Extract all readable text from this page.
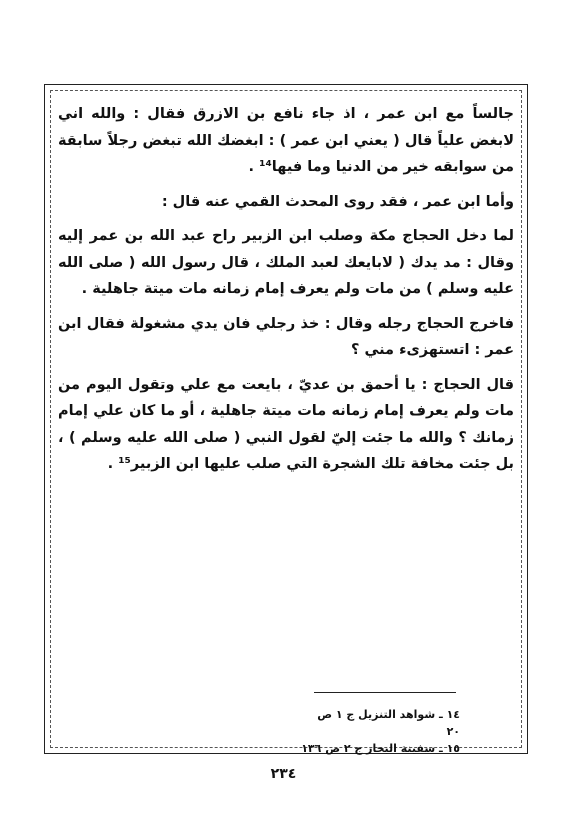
جالساً مع ابن عمر ، اذ جاء نافع بن الازرق فقال : والله اني لابغض علياً قال ( يعني ابن عمر ) : ابغضك الله تبغض رجلاً سابقة من سوابقه خير من الدنيا وما فيها¹⁴ .

وأما ابن عمر ، فقد روى المحدث القمي عنه قال :

لما دخل الحجاج مكة وصلب ابن الزبير راح عبد الله بن عمر إليه وقال : مد يدك ( لابايعك لعبد الملك ، قال رسول الله ( صلى الله عليه وسلم ) من مات ولم يعرف إمام زمانه مات ميتة جاهلية .

فاخرج الحجاج رجله وقال : خذ رجلي فان يدي مشغولة فقال ابن عمر : اتستهزىء مني ؟

قال الحجاج : يا أحمق بن عديّ ، بايعت مع علي وتقول اليوم من مات ولم يعرف إمام زمانه مات ميتة جاهلية ، أو ما كان علي إمام زمانك ؟ والله ما جئت إليّ لقول النبي ( صلى الله عليه وسلم ) ، بل جئت مخافة تلك الشجرة التي صلب عليها ابن الزبير¹⁵ .

١٤ ـ شواهد التنزيل ج ١ ص ٢٠
١٥ ـ سفينة البحار ج ٢ ص ١٣٦
٢٣٤
